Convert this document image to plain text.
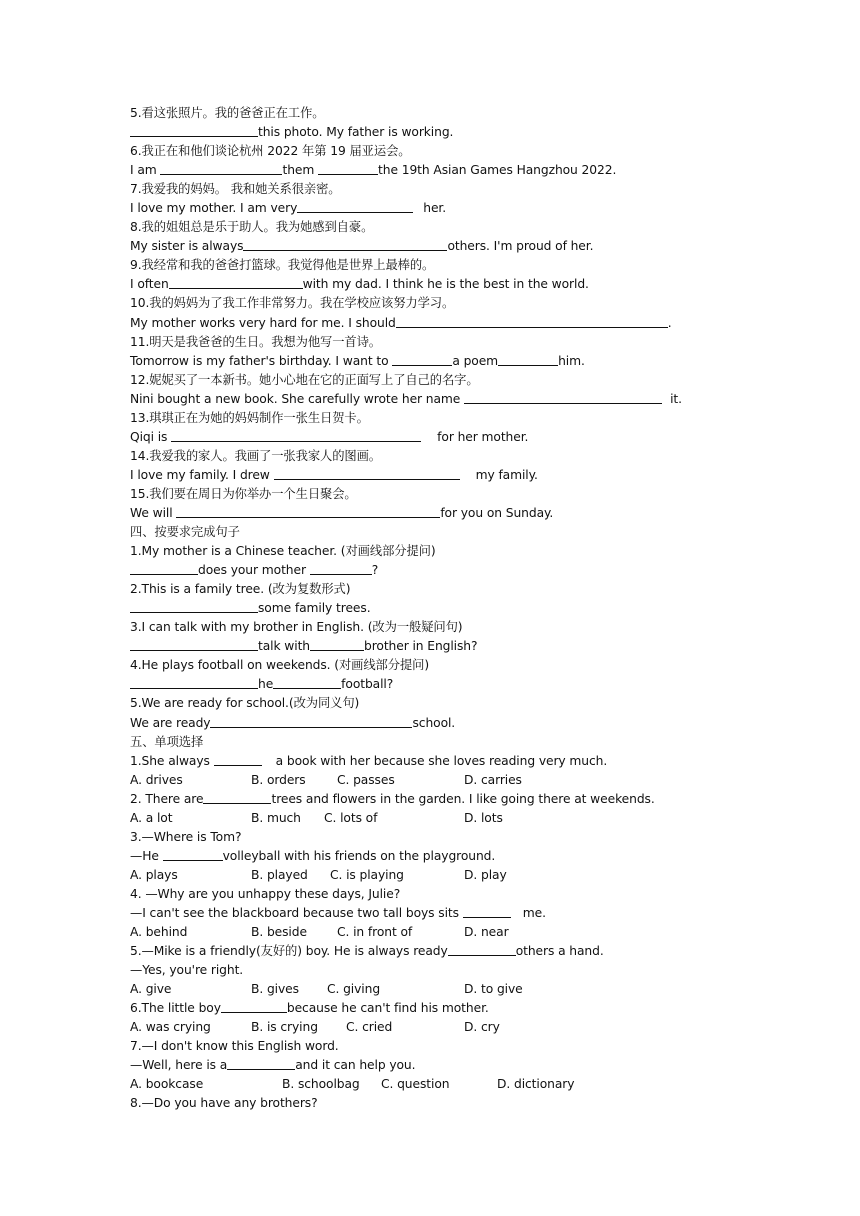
5.看这张照片。我的爸爸正在工作。
this photo. My father is working.
6.我正在和他们谈论杭州 2022 年第 19 届亚运会。
I am	them	the 19th Asian Games Hangzhou 2022.
7.我爱我的妈妈。 我和她关系很亲密。
I love my mother. I am very	her.
8.我的姐姐总是乐于助人。我为她感到自豪。
My sister is always	others. I'm proud of her.
9.我经常和我的爸爸打篮球。我觉得他是世界上最棒的。
I often	with my dad. I think he is the best in the world.
10.我的妈妈为了我工作非常努力。我在学校应该努力学习。
My mother works very hard for me. I should	.
11.明天是我爸爸的生日。我想为他写一首诗。
Tomorrow is my father's birthday. I want to	a poem	him.
12.妮妮买了一本新书。她小心地在它的正面写上了自己的名字。
Nini bought a new book. She carefully wrote her name	it.
13.琪琪正在为她的妈妈制作一张生日贺卡。
Qiqi is	for her mother.
14.我爱我的家人。我画了一张我家人的图画。
I love my family. I drew	my family.
15.我们要在周日为你举办一个生日聚会。
We will	for you on Sunday.
四、按要求完成句子
1.My mother is a Chinese teacher. (对画线部分提问)
does your mother	?
2.This is a family tree. (改为复数形式)
some family trees.
3.I can talk with my brother in English. (改为一般疑问句)
talk with	brother in English?
4.He plays football on weekends. (对画线部分提问)
he	football?
5.We are ready for school.(改为同义句)
We are ready	school.
五、单项选择
1.She always	a book with her because she loves reading very much.
A. drives	B. orders	C. passes	D. carries
2. There are	trees and flowers in the garden. I like going there at weekends.
A. a lot	B. much C. lots of	D. lots
3.—Where is Tom?
—He	volleyball with his friends on the playground.
A. plays	B. played C. is playing	D. play
4. —Why are you unhappy these days, Julie?
—I can't see the blackboard because two tall boys sits	me.
A. behind	B. beside C. in front of	D. near
5.—Mike is a friendly(友好的) boy. He is always ready	others a hand.
—Yes, you're right.
A. give	B. gives C. giving	D. to give
6.The little boy	because he can't find his mother.
A. was crying	B. is crying C. cried	D. cry
7.—I don't know this English word.
—Well, here is a	and it can help you.
A. bookcase	B. schoolbag C. question	D. dictionary
8.—Do you have any brothers?
